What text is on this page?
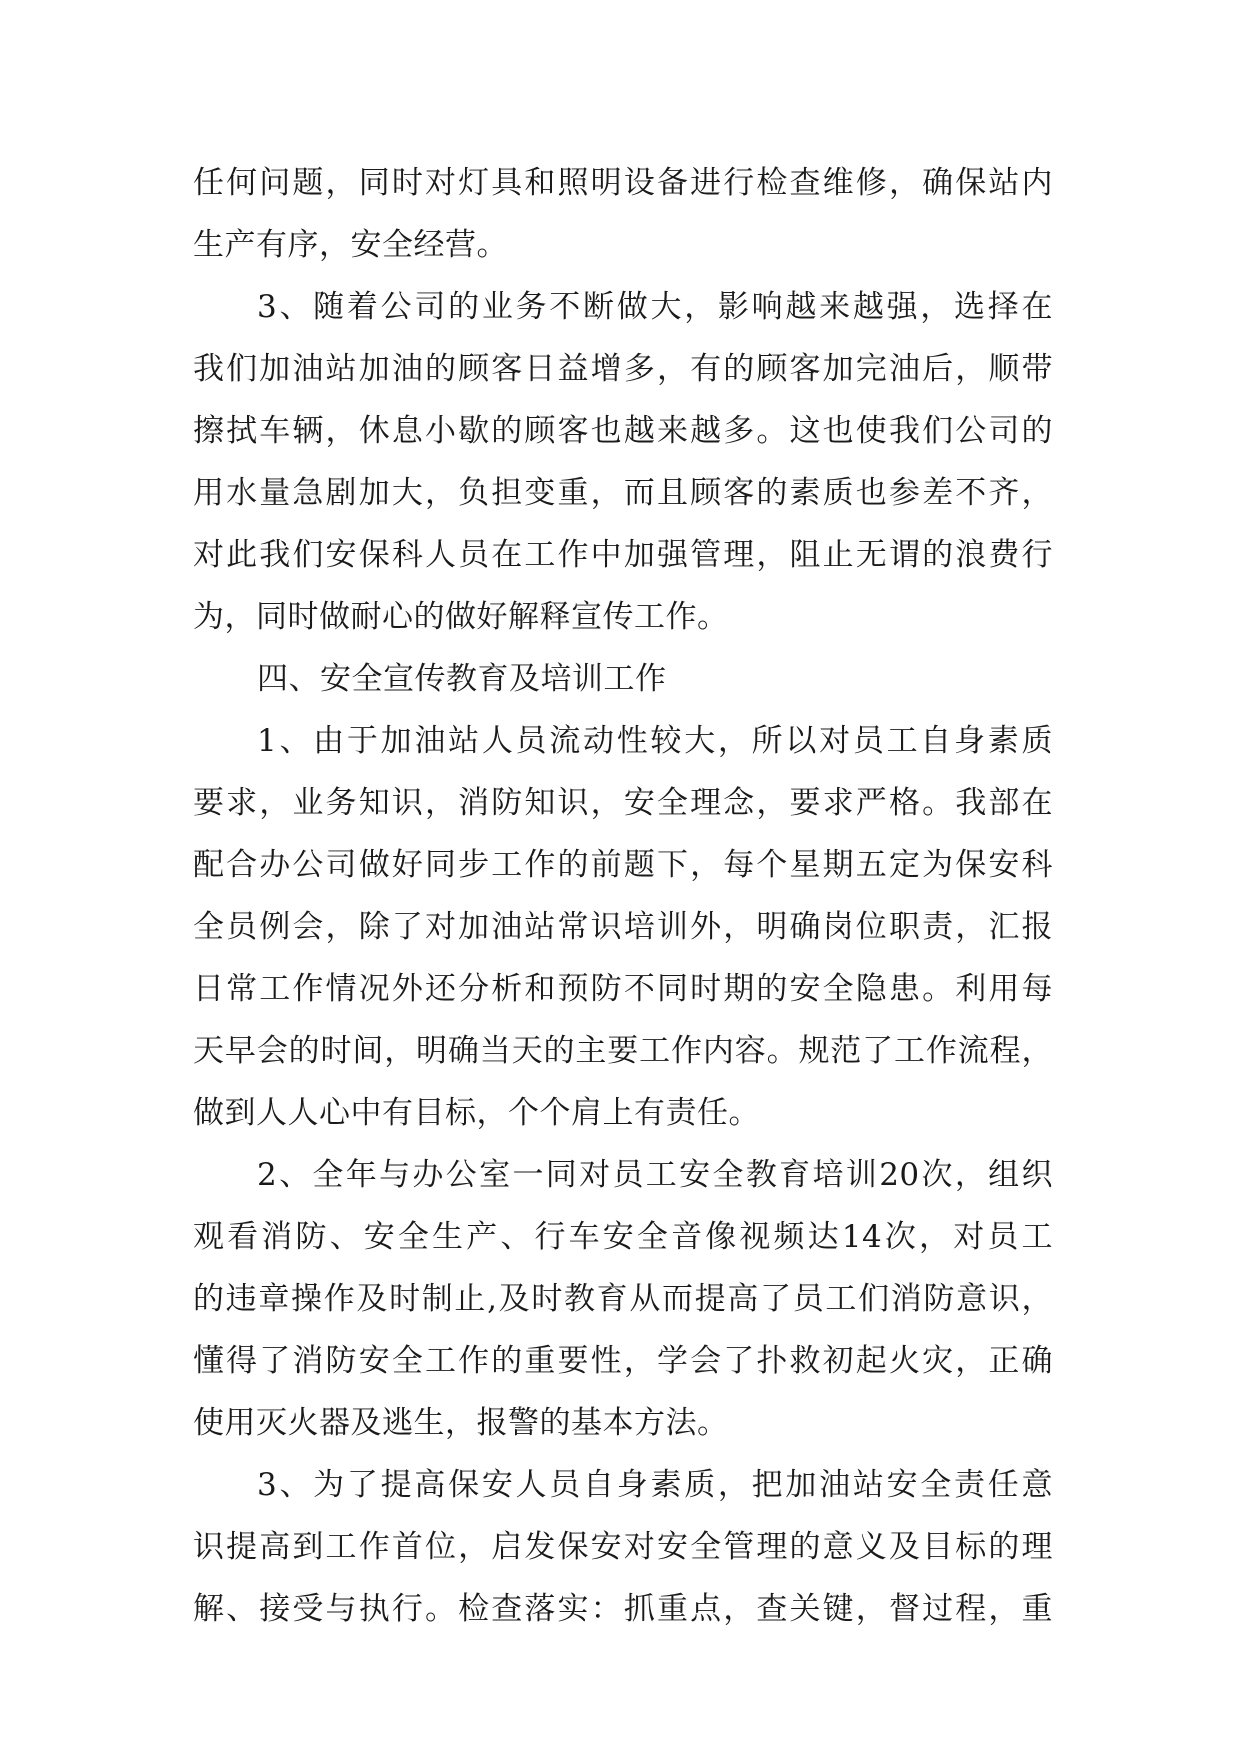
任何问题，同时对灯具和照明设备进行检查维修，确保站内
生产有序，安全经营。
3、随着公司的业务不断做大，影响越来越强，选择在
我们加油站加油的顾客日益增多，有的顾客加完油后，顺带
擦拭车辆，休息小歇的顾客也越来越多。这也使我们公司的
用水量急剧加大，负担变重，而且顾客的素质也参差不齐，
对此我们安保科人员在工作中加强管理，阻止无谓的浪费行
为，同时做耐心的做好解释宣传工作。
四、安全宣传教育及培训工作
1、由于加油站人员流动性较大，所以对员工自身素质
要求，业务知识，消防知识，安全理念，要求严格。我部在
配合办公司做好同步工作的前题下，每个星期五定为保安科
全员例会，除了对加油站常识培训外，明确岗位职责，汇报
日常工作情况外还分析和预防不同时期的安全隐患。利用每
天早会的时间，明确当天的主要工作内容。规范了工作流程，
做到人人心中有目标，个个肩上有责任。
2、全年与办公室一同对员工安全教育培训20次，组织
观看消防、安全生产、行车安全音像视频达14次，对员工
的违章操作及时制止,及时教育从而提高了员工们消防意识，
懂得了消防安全工作的重要性，学会了扑救初起火灾，正确
使用灭火器及逃生，报警的基本方法。
3、为了提高保安人员自身素质，把加油站安全责任意
识提高到工作首位，启发保安对安全管理的意义及目标的理
解、接受与执行。检查落实：抓重点，查关键，督过程，重
